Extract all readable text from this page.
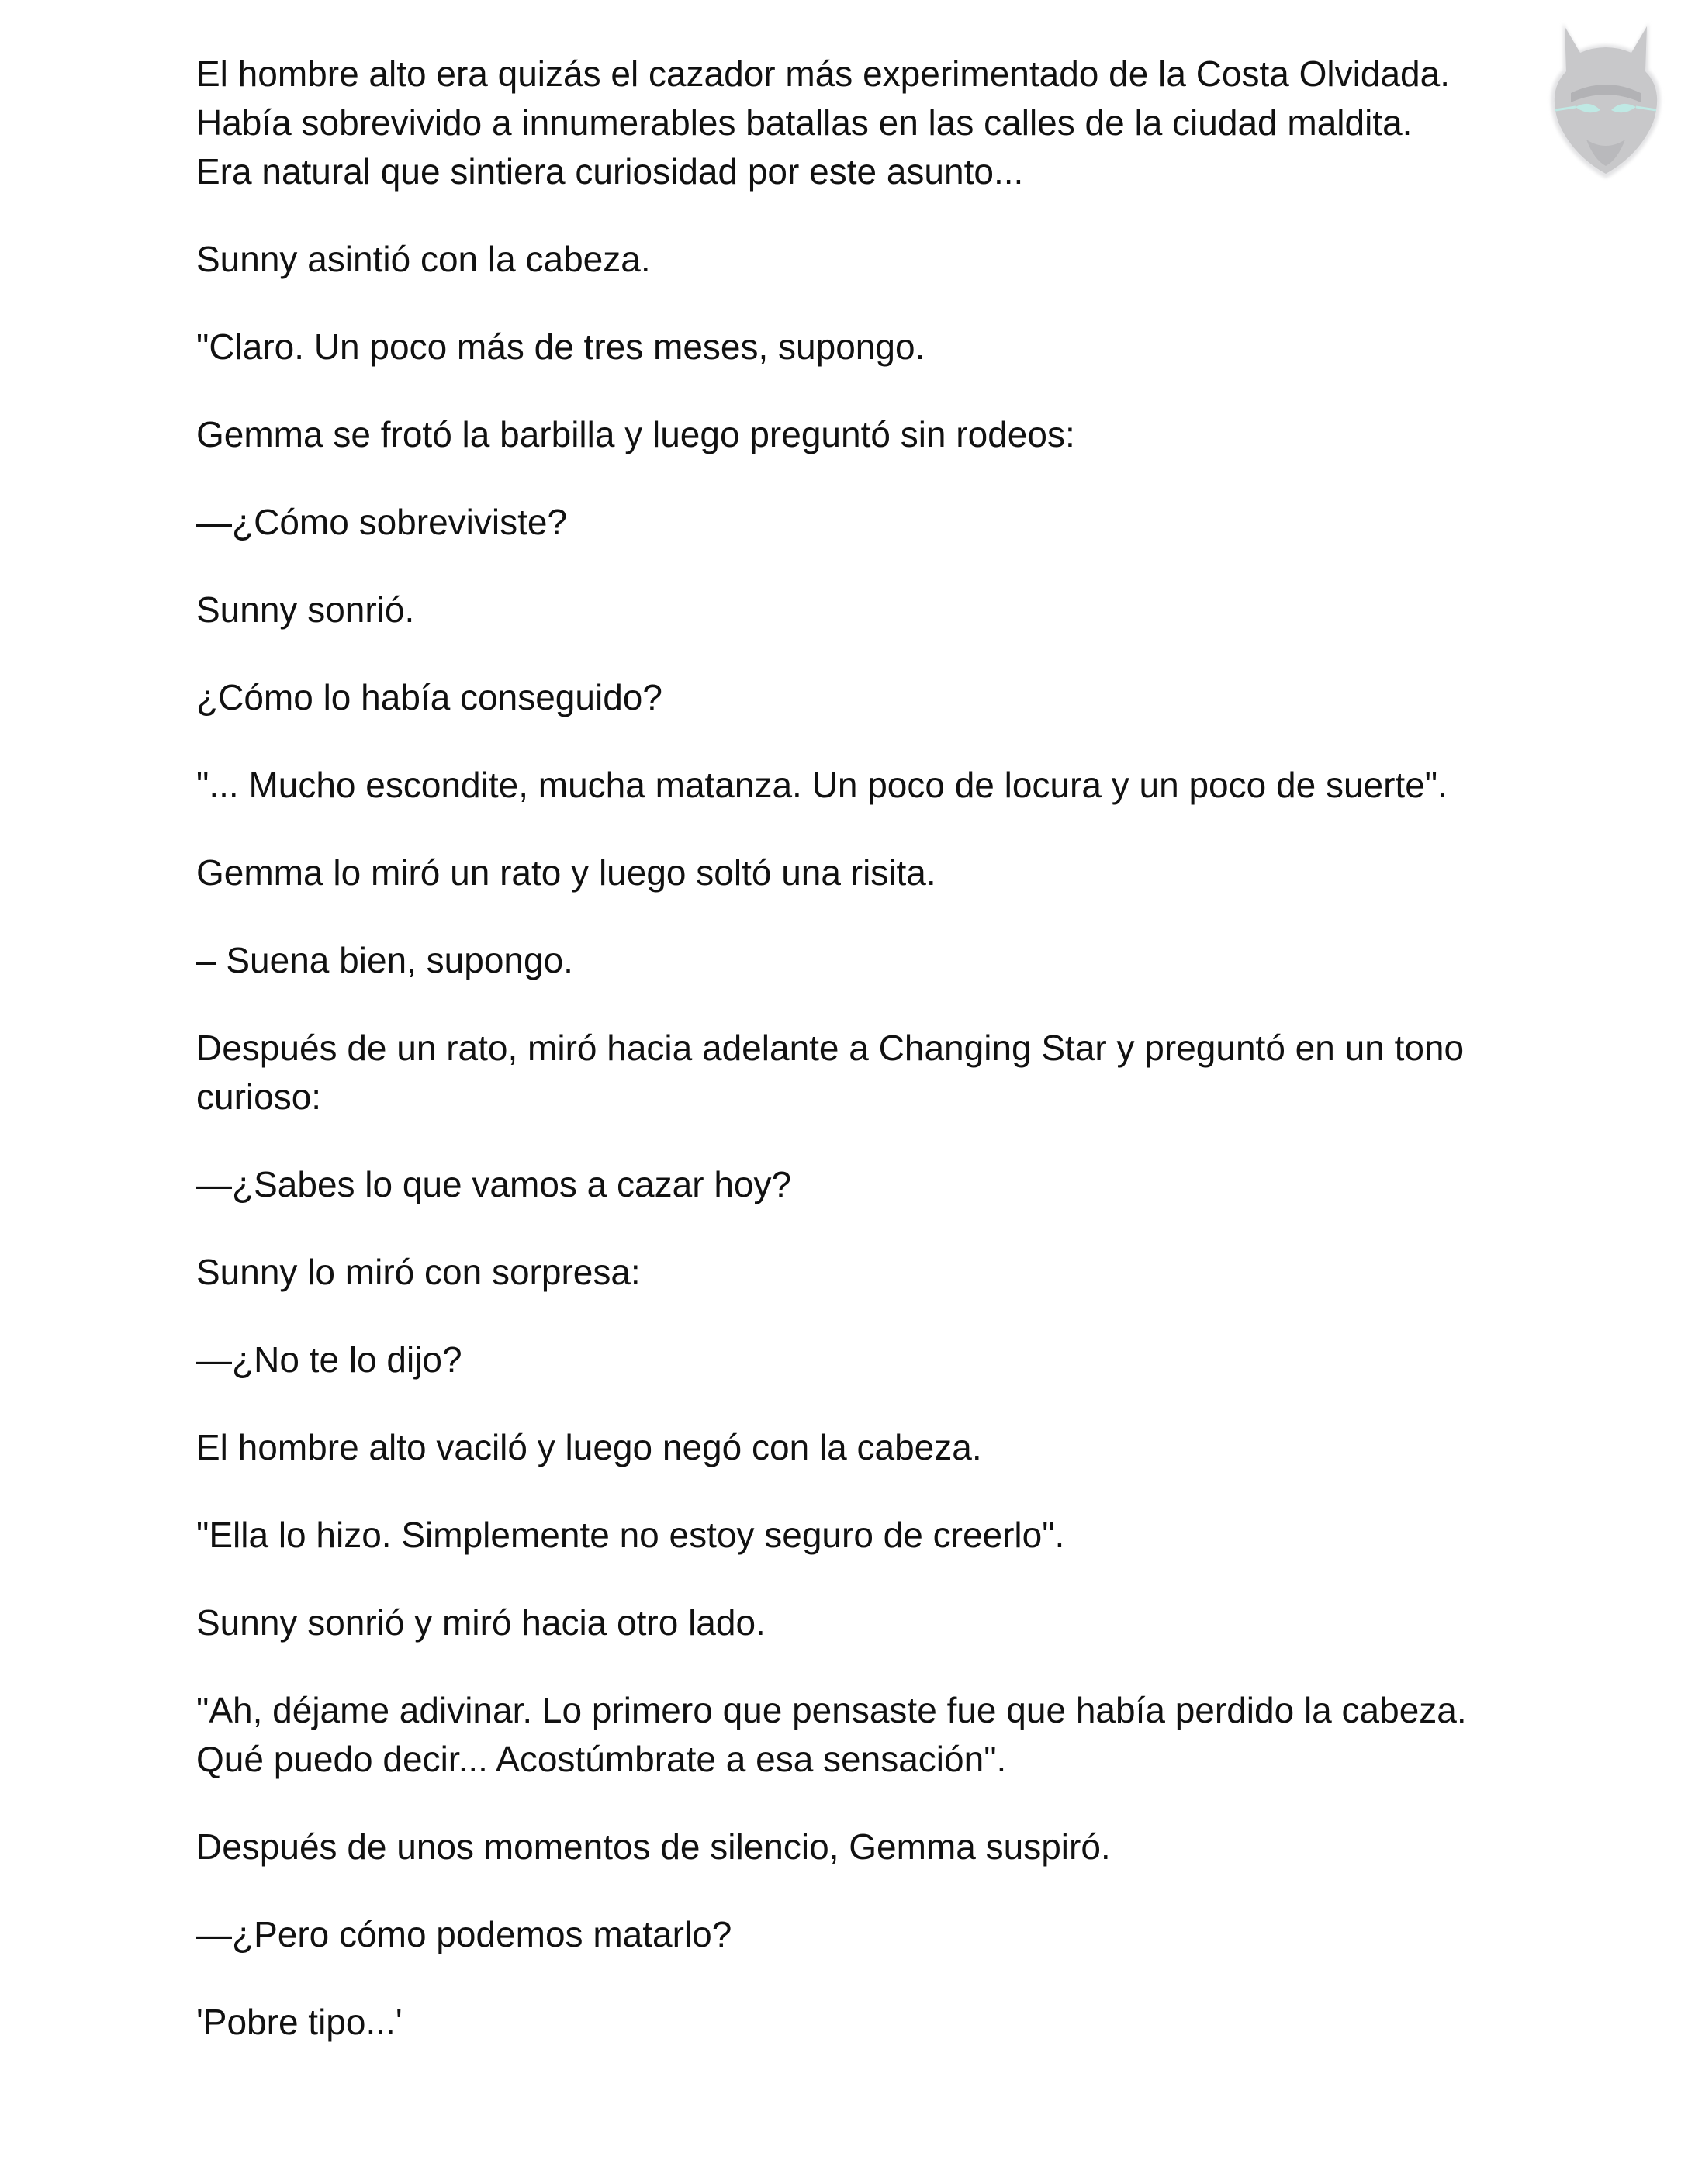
El hombre alto era quizás el cazador más experimentado de la Costa Olvidada. Había sobrevivido a innumerables batallas en las calles de la ciudad maldita. Era natural que sintiera curiosidad por este asunto...

Sunny asintió con la cabeza.

"Claro. Un poco más de tres meses, supongo.

Gemma se frotó la barbilla y luego preguntó sin rodeos:

—¿Cómo sobreviviste?

Sunny sonrió.

¿Cómo lo había conseguido?

"... Mucho escondite, mucha matanza. Un poco de locura y un poco de suerte".

Gemma lo miró un rato y luego soltó una risita.

– Suena bien, supongo.

Después de un rato, miró hacia adelante a Changing Star y preguntó en un tono curioso:

—¿Sabes lo que vamos a cazar hoy?

Sunny lo miró con sorpresa:

—¿No te lo dijo?

El hombre alto vaciló y luego negó con la cabeza.

"Ella lo hizo. Simplemente no estoy seguro de creerlo".

Sunny sonrió y miró hacia otro lado.

"Ah, déjame adivinar. Lo primero que pensaste fue que había perdido la cabeza. Qué puedo decir... Acostúmbrate a esa sensación".

Después de unos momentos de silencio, Gemma suspiró.

—¿Pero cómo podemos matarlo?

'Pobre tipo...'
